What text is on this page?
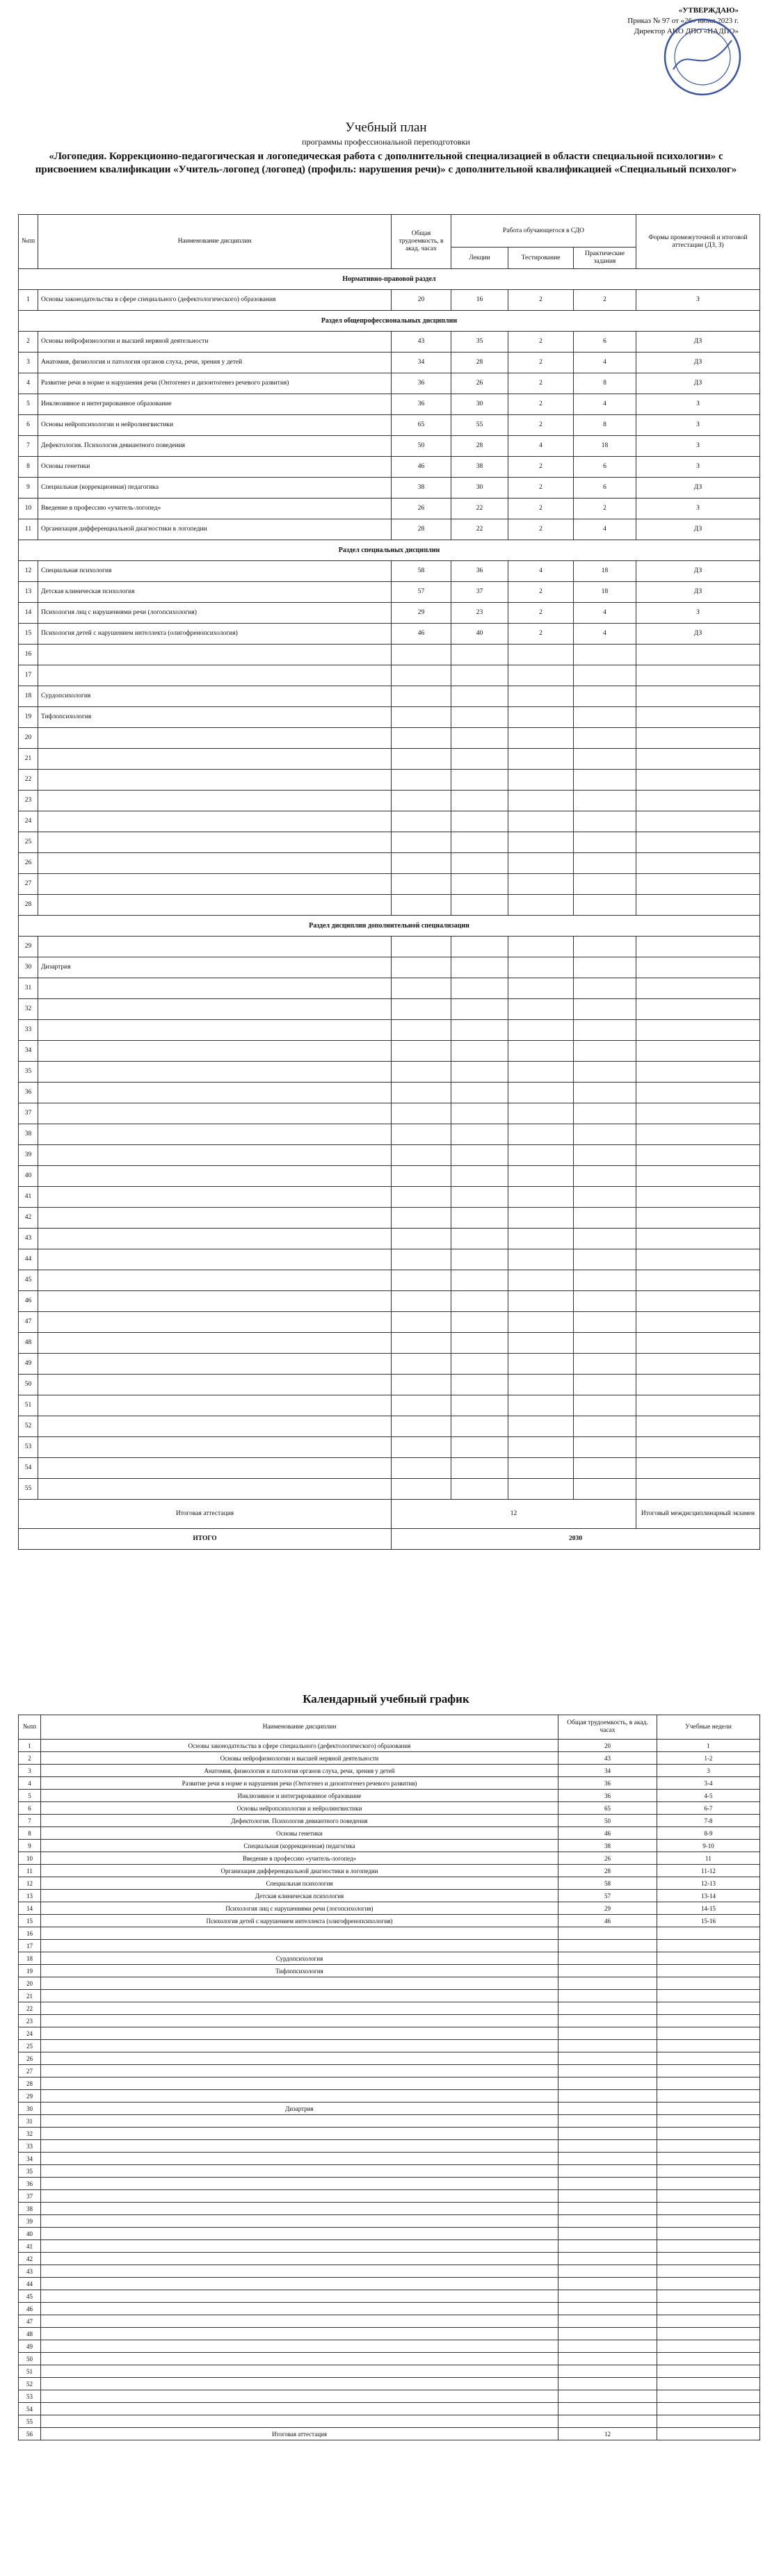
«УТВЕРЖДАЮ»
Приказ № 97 от «26» июня 2023 г.
Директор АНО ДПО «НАДПО»
Учебный план
программы профессиональной переподготовки
«Логопедия. Коррекционно-педагогическая и логопедическая работа с дополнительной специализацией в области специальной психологии» с присвоением квалификации «Учитель-логопед (логопед) (профиль: нарушения речи)» с дополнительной квалификацией «Специальный психолог»
№пп	Наименование дисциплин	Общая трудоемкость, в акад. часах	Работа обучающегося в СДО			Формы промежуточной и итоговой аттестации (ДЗ, З)
			Лекции	Тестирование	Практические задания	
Нормативно-правовой раздел						
1	Основы законодательства в сфере специального (дефектологического) образования	20	16	2	2	З
Раздел общепрофессиональных дисциплин						
2	Основы нейрофизиологии и высшей нервной деятельности	43	35	2	6	ДЗ
3	Анатомия, физиология и патология органов слуха, речи, зрения у детей	34	28	2	4	ДЗ
4	Развитие речи в норме и нарушения речи (Онтогенез и дизонтогенез речевого развития)	36	26	2	8	ДЗ
5	Инклюзивное и интегрированное образование	36	30	2	4	З
6	Основы нейропсихологии и нейролингвистики	65	55	2	8	З
7	Дефектология. Психология девиантного поведения	50	28	4	18	З
8	Основы генетики	46	38	2	6	З
9	Специальная (коррекционная) педагогика	38	30	2	6	ДЗ
10	Введение в профессию «учитель-логопед»	26	22	2	2	З
11	Организация дифференциальной диагностики в логопедии	28	22	2	4	ДЗ
Раздел специальных дисциплин						
12	Специальная психология	58	36	4	18	ДЗ
13	Детская клиническая психология	57	37	2	18	ДЗ
14	Психология лиц с нарушениями речи (логопсихология)	29	23	2	4	З
15	Психология детей с нарушением интеллекта (олигофренопсихология)	46	40	2	4	ДЗ
16						
17						
18	Сурдопсихология					
19	Тифлопсихология					
20						
21						
22						
23						
24						
25						
26						
27						
28						
Раздел дисциплин дополнительной специализации						
29						
30	Дизартрия					
31						
32						
33						
34						
35						
36						
37						
38						
39						
40						
41						
42						
43						
44						
45						
46						
47						
48						
49						
50						
51						
52						
53						
54						
55						
Итоговая аттестация		12				Итоговый междисциплинарный экзамен
ИТОГО		2030				
Календарный учебный график
№пп	Наименование дисциплин	Общая трудоемкость, в акад. часах	Учебные недели
1	Основы законодательства в сфере специального (дефектологического) образования	20	1
2	Основы нейрофизиологии и высшей нервной деятельности	43	1-2
3	Анатомия, физиология и патология органов слуха, речи, зрения у детей	34	3
4	Развитие речи в норме и нарушения речи (Онтогенез и дизонтогенез речевого развития)	36	3-4
5	Инклюзивное и интегрированное образование	36	4-5
6	Основы нейропсихологии и нейролингвистики	65	6-7
7	Дефектология. Психология девиантного поведения	50	7-8
8	Основы генетики	46	8-9
9	Специальная (коррекционная) педагогика	38	9-10
10	Введение в профессию «учитель-логопед»	26	11
11	Организация дифференциальной диагностики в логопедии	28	11-12
12	Специальная психология	58	12-13
13	Детская клиническая психология	57	13-14
14	Психология лиц с нарушениями речи (логопсихология)	29	14-15
15	Психология детей с нарушением интеллекта (олигофренопсихология)	46	15-16
16			
17			
18	Сурдопсихология		
19	Тифлопсихология		
20			
21			
22			
23			
24			
25			
26			
27			
28			
29			
30	Дизартрия		
31			
32			
33			
34			
35			
36			
37			
38			
39			
40			
41			
42			
43			
44			
45			
46			
47			
48			
49			
50			
51			
52			
53			
54			
55			
56	Итоговая аттестация	12	
